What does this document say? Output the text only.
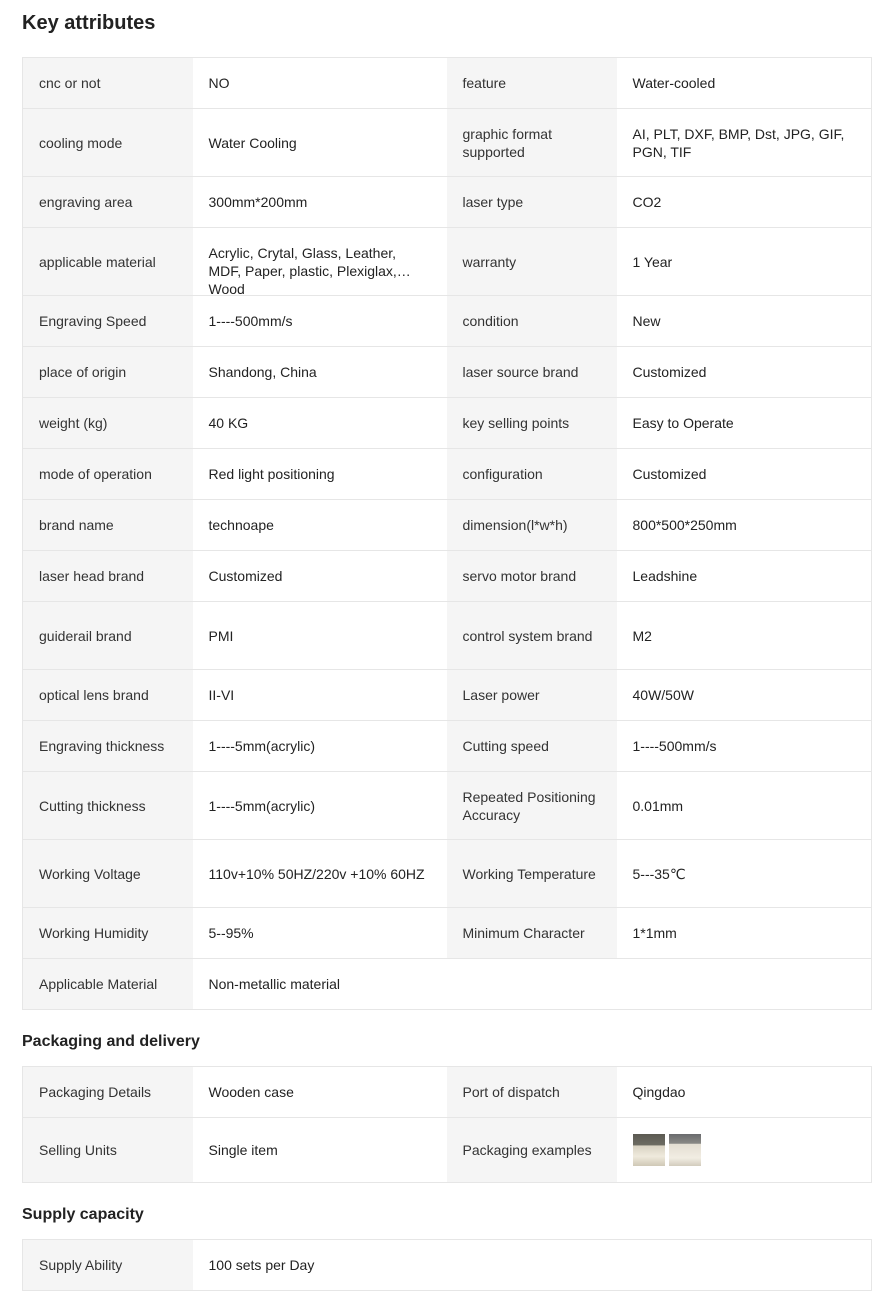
Key attributes
cnc or not	NO	feature	Water-cooled

cooling mode	Water Cooling	graphic format supported	AI, PLT, DXF, BMP, Dst, JPG, GIF, PGN, TIF

engraving area	300mm*200mm	laser type	CO2

applicable material	Acrylic, Crytal, Glass, Leather, MDF, Paper, plastic, Plexiglax, Wood	warranty	1 Year

Engraving Speed	1----500mm/s	condition	New

place of origin	Shandong, China	laser source brand	Customized

weight (kg)	40 KG	key selling points	Easy to Operate

mode of operation	Red light positioning	configuration	Customized

brand name	technoape	dimension(l*w*h)	800*500*250mm

laser head brand	Customized	servo motor brand	Leadshine

guiderail brand	PMI	control system brand	M2

optical lens brand	II-VI	Laser power	40W/50W

Engraving thickness	1----5mm(acrylic)	Cutting speed	1----500mm/s

Cutting thickness	1----5mm(acrylic)	Repeated Positioning Accuracy	0.01mm

Working Voltage	110v+10% 50HZ/220v +10% 60HZ	Working Temperature	5---35℃

Working Humidity	5--95%	Minimum Character	1*1mm

Applicable Material	Non-metallic material		
Packaging and delivery
Packaging Details	Wooden case	Port of dispatch	Qingdao

Selling Units	Single item	Packaging examples	

Supply capacity
Supply Ability	100 sets per Day
